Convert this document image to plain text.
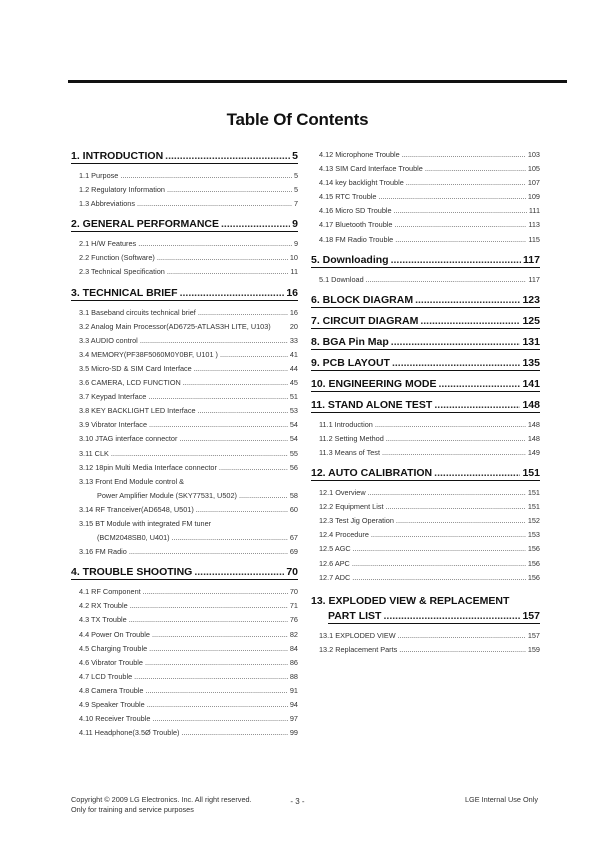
Table Of Contents
1. INTRODUCTION .....	5
1.1 Purpose .....	5
1.2 Regulatory Information .....	5
1.3 Abbreviations .....	7
2. GENERAL PERFORMANCE .....	9
2.1 H/W Features .....	9
2.2 Function (Software) .....	10
2.3 Technical Specification .....	11
3. TECHNICAL BRIEF .....	16
3.1 Baseband circuits technical brief .....	16
3.2 Analog Main Processor(AD6725-ATLAS3H LITE, U103)	20
3.3 AUDIO control .....	33
3.4 MEMORY(PF38F5060M0Y0BF, U101 ) .....	41
3.5 Micro-SD & SIM Card Interface .....	44
3.6 CAMERA, LCD FUNCTION .....	45
3.7 Keypad Interface .....	51
3.8 KEY BACKLIGHT LED Interface .....	53
3.9 Vibrator Interface .....	54
3.10 JTAG interface connector .....	54
3.11 CLK .....	55
3.12 18pin Multi Media Interface connector .....	56
3.13 Front End Module control &
Power Amplifier Module (SKY77531, U502) .....	58
3.14 RF Tranceiver(AD6548, U501) .....	60
3.15 BT Module with integrated FM tuner
(BCM2048SB0, U401) .....	67
3.16 FM Radio .....	69
4. TROUBLE SHOOTING .....	70
4.1 RF Component .....	70
4.2 RX Trouble .....	71
4.3 TX Trouble .....	76
4.4 Power On Trouble .....	82
4.5 Charging Trouble .....	84
4.6 Vibrator Trouble .....	86
4.7 LCD Trouble .....	88
4.8 Camera Trouble .....	91
4.9 Speaker Trouble .....	94
4.10 Receiver Trouble .....	97
4.11 Headphone(3.5Ø Trouble) .....	99
4.12 Microphone Trouble .....	103
4.13 SIM Card Interface Trouble .....	105
4.14 key backlight Trouble .....	107
4.15 RTC Trouble .....	109
4.16 Micro SD Trouble .....	111
4.17 Bluetooth Trouble .....	113
4.18 FM Radio Trouble .....	115
5. Downloading .....	117
5.1 Download .....	117
6. BLOCK DIAGRAM .....	123
7. CIRCUIT DIAGRAM .....	125
8. BGA Pin Map .....	131
9. PCB LAYOUT .....	135
10. ENGINEERING MODE .....	141
11. STAND ALONE TEST .....	148
11.1 Introduction .....	148
11.2 Setting Method .....	148
11.3 Means of Test .....	149
12. AUTO CALIBRATION .....	151
12.1 Overview .....	151
12.2 Equipment List .....	151
12.3 Test Jig Operation .....	152
12.4 Procedure .....	153
12.5 AGC .....	156
12.6 APC .....	156
12.7 ADC .....	156
13. EXPLODED VIEW & REPLACEMENT
PART LIST .....	157
13.1 EXPLODED VIEW .....	157
13.2 Replacement Parts .....	159
Copyright © 2009 LG Electronics. Inc. All right reserved.
Only for training and service purposes
- 3 -	LGE Internal Use Only
